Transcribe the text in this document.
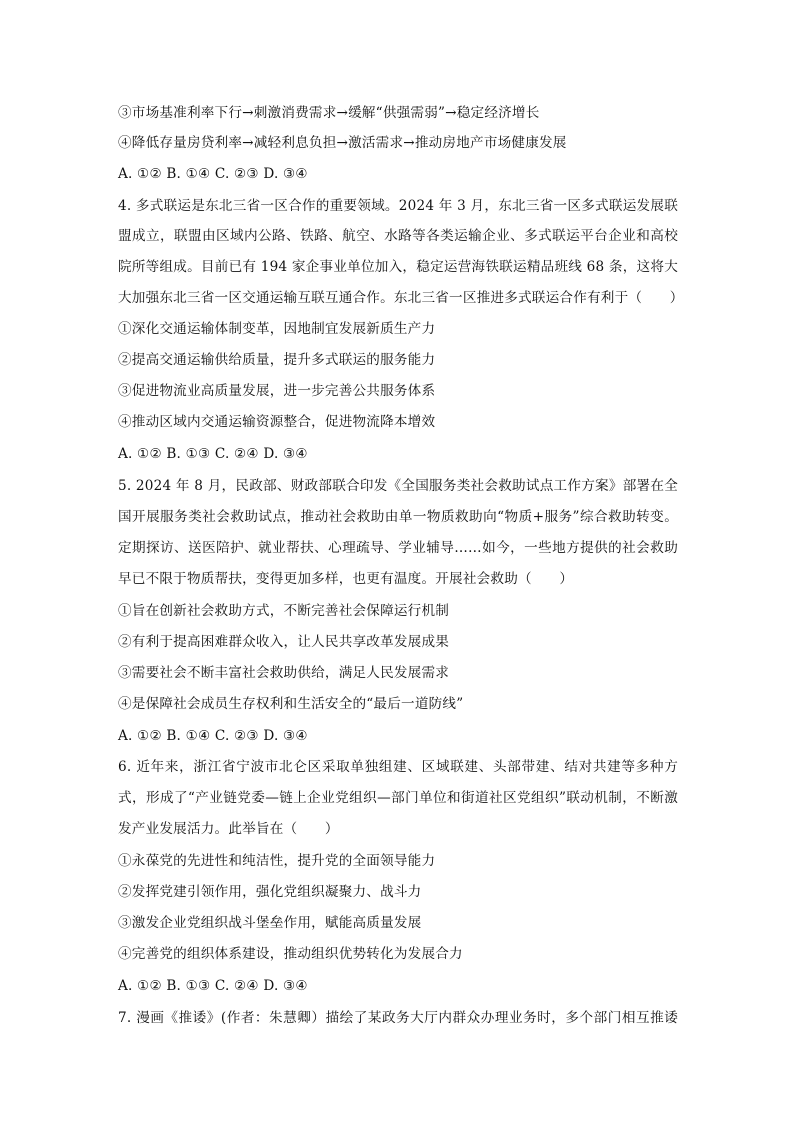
③市场基准利率下行→刺激消费需求→缓解“供强需弱”→稳定经济增长
④降低存量房贷利率→减轻利息负担→激活需求→推动房地产市场健康发展
A. ①② B. ①④ C. ②③ D. ③④
4. 多式联运是东北三省一区合作的重要领域。2024 年 3 月，东北三省一区多式联运发展联
盟成立，联盟由区域内公路、铁路、航空、水路等各类运输企业、多式联运平台企业和高校
院所等组成。目前已有 194 家企事业单位加入，稳定运营海铁联运精品班线 68 条，这将大
大加强东北三省一区交通运输互联互通合作。东北三省一区推进多式联运合作有利于（　　）
①深化交通运输体制变革，因地制宜发展新质生产力
②提高交通运输供给质量，提升多式联运的服务能力
③促进物流业高质量发展，进一步完善公共服务体系
④推动区域内交通运输资源整合，促进物流降本增效
A. ①② B. ①③ C. ②④ D. ③④
5. 2024 年 8 月，民政部、财政部联合印发《全国服务类社会救助试点工作方案》部署在全
国开展服务类社会救助试点，推动社会救助由单一物质救助向“物质+服务”综合救助转变。
定期探访、送医陪护、就业帮扶、心理疏导、学业辅导……如今，一些地方提供的社会救助
早已不限于物质帮扶，变得更加多样，也更有温度。开展社会救助（　　）
①旨在创新社会救助方式，不断完善社会保障运行机制
②有利于提高困难群众收入，让人民共享改革发展成果
③需要社会不断丰富社会救助供给，满足人民发展需求
④是保障社会成员生存权利和生活安全的“最后一道防线”
A. ①② B. ①④ C. ②③ D. ③④
6. 近年来，浙江省宁波市北仑区采取单独组建、区域联建、头部带建、结对共建等多种方
式，形成了“产业链党委—链上企业党组织—部门单位和街道社区党组织”联动机制，不断激
发产业发展活力。此举旨在（　　）
①永葆党的先进性和纯洁性，提升党的全面领导能力
②发挥党建引领作用，强化党组织凝聚力、战斗力
③激发企业党组织战斗堡垒作用，赋能高质量发展
④完善党的组织体系建设，推动组织优势转化为发展合力
A. ①② B. ①③ C. ②④ D. ③④
7. 漫画《推诿》(作者：朱慧卿）描绘了某政务大厅内群众办理业务时，多个部门相互推诿
